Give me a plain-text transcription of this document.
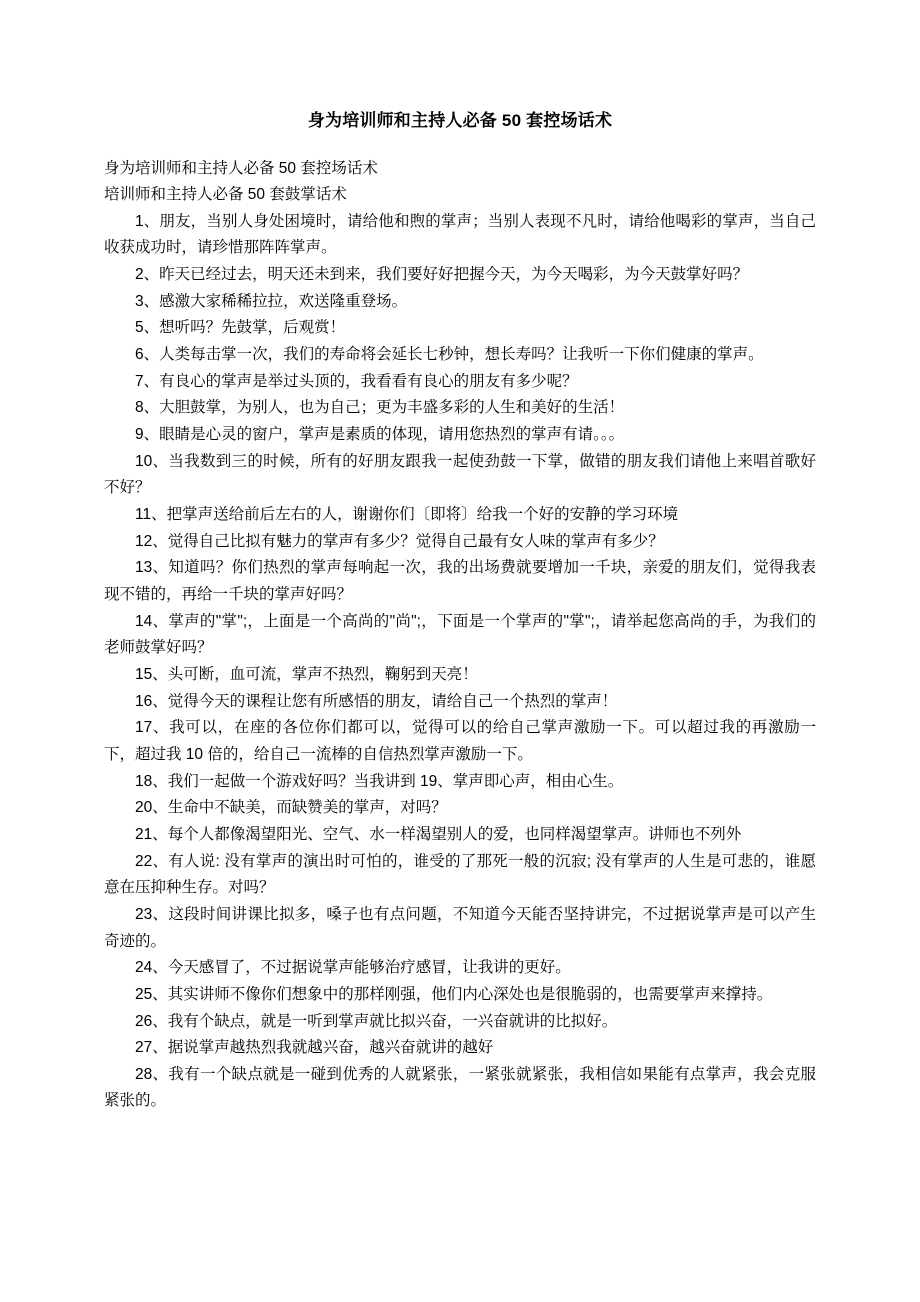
身为培训师和主持人必备 50 套控场话术

身为培训师和主持人必备 50 套控场话术

培训师和主持人必备 50 套鼓掌话术

1、朋友，当别人身处困境时，请给他和煦的掌声；当别人表现不凡时，请给他喝彩的掌声，当自己收获成功时，请珍惜那阵阵掌声。

2、昨天已经过去，明天还未到来，我们要好好把握今天，为今天喝彩，为今天鼓掌好吗？

3、感激大家稀稀拉拉，欢送隆重登场。

5、想听吗？先鼓掌，后观赏！

6、人类每击掌一次，我们的寿命将会延长七秒钟，想长寿吗？让我听一下你们健康的掌声。

7、有良心的掌声是举过头顶的，我看看有良心的朋友有多少呢？

8、大胆鼓掌，为别人，也为自己；更为丰盛多彩的人生和美好的生活！

9、眼睛是心灵的窗户，掌声是素质的体现，请用您热烈的掌声有请。。。

10、当我数到三的时候，所有的好朋友跟我一起使劲鼓一下掌，做错的朋友我们请他上来唱首歌好不好？

11、把掌声送给前后左右的人，谢谢你们〔即将〕给我一个好的安静的学习环境

12、觉得自己比拟有魅力的掌声有多少？觉得自己最有女人味的掌声有多少？

13、知道吗？你们热烈的掌声每响起一次，我的出场费就要增加一千块，亲爱的朋友们，觉得我表现不错的，再给一千块的掌声好吗？

14、掌声的"掌";，上面是一个高尚的"尚";，下面是一个掌声的"掌";，请举起您高尚的手，为我们的老师鼓掌好吗？

15、头可断，血可流，掌声不热烈，鞠躬到天亮！

16、觉得今天的课程让您有所感悟的朋友，请给自己一个热烈的掌声！

17、我可以，在座的各位你们都可以，觉得可以的给自己掌声激励一下。可以超过我的再激励一下，超过我 10 倍的，给自己一流棒的自信热烈掌声激励一下。

18、我们一起做一个游戏好吗？当我讲到 19、掌声即心声，相由心生。

20、生命中不缺美，而缺赞美的掌声，对吗？

21、每个人都像渴望阳光、空气、水一样渴望别人的爱，也同样渴望掌声。讲师也不列外

22、有人说: 没有掌声的演出时可怕的，谁受的了那死一般的沉寂; 没有掌声的人生是可悲的，谁愿意在压抑种生存。对吗？

23、这段时间讲课比拟多，嗓子也有点问题，不知道今天能否坚持讲完，不过据说掌声是可以产生奇迹的。

24、今天感冒了，不过据说掌声能够治疗感冒，让我讲的更好。

25、其实讲师不像你们想象中的那样刚强，他们内心深处也是很脆弱的，也需要掌声来撑持。

26、我有个缺点，就是一听到掌声就比拟兴奋，一兴奋就讲的比拟好。

27、据说掌声越热烈我就越兴奋，越兴奋就讲的越好

28、我有一个缺点就是一碰到优秀的人就紧张，一紧张就紧张，我相信如果能有点掌声，我会克服紧张的。
